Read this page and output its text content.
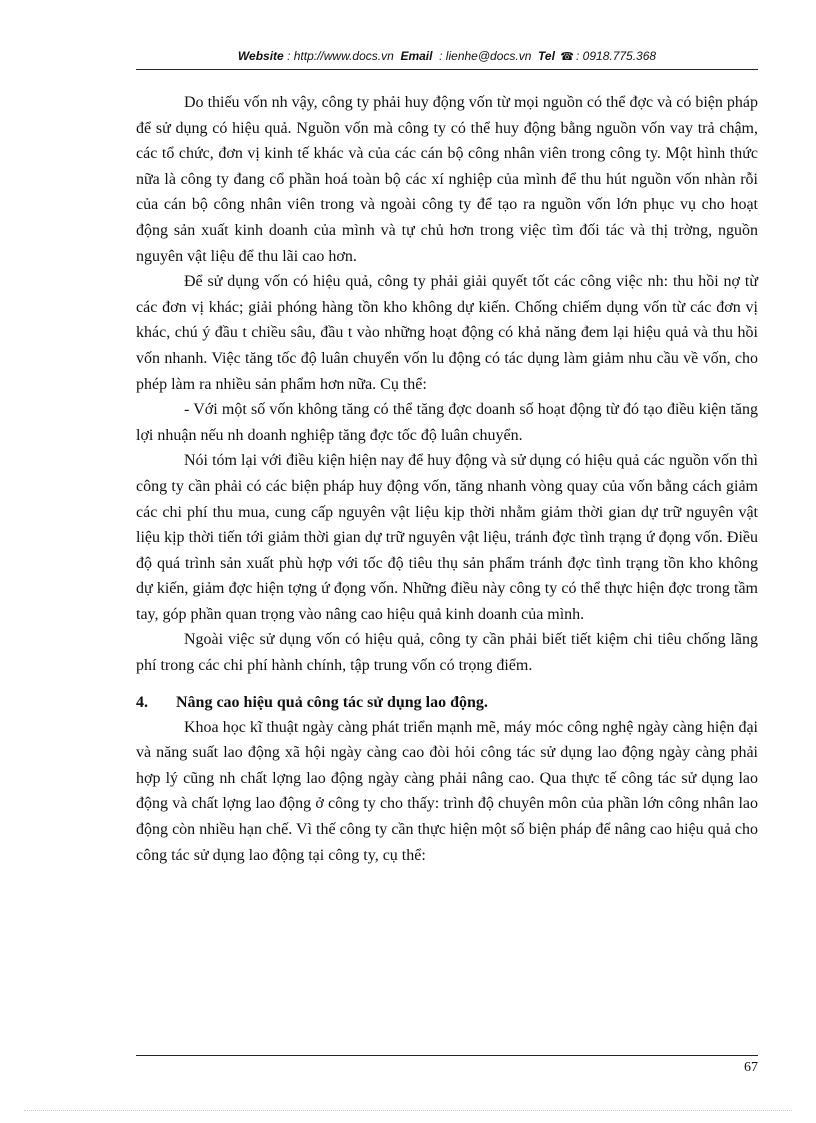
Website : http://www.docs.vn Email : lienhe@docs.vn Tel ☎ : 0918.775.368

Do thiếu vốn nh vậy, công ty phải huy động vốn từ mọi nguồn có thể đợc và có biện pháp để sử dụng có hiệu quả. Nguồn vốn mà công ty có thể huy động bằng nguồn vốn vay trả chậm, các tổ chức, đơn vị kinh tế khác và của các cán bộ công nhân viên trong công ty. Một hình thức nữa là công ty đang cổ phần hoá toàn bộ các xí nghiệp của mình để thu hút nguồn vốn nhàn rỗi của cán bộ công nhân viên trong và ngoài công ty để tạo ra nguồn vốn lớn phục vụ cho hoạt động sản xuất kinh doanh của mình và tự chủ hơn trong việc tìm đối tác và thị trờng, nguồn nguyên vật liệu để thu lãi cao hơn.

Để sử dụng vốn có hiệu quả, công ty phải giải quyết tốt các công việc nh: thu hồi nợ từ các đơn vị khác; giải phóng hàng tồn kho không dự kiến. Chống chiếm dụng vốn từ các đơn vị khác, chú ý đầu t chiều sâu, đầu t vào những hoạt động có khả năng đem lại hiệu quả và thu hồi vốn nhanh. Việc tăng tốc độ luân chuyển vốn lu động có tác dụng làm giảm nhu cầu về vốn, cho phép làm ra nhiều sản phẩm hơn nữa. Cụ thể:

- Với một số vốn không tăng có thể tăng đợc doanh số hoạt động từ đó tạo điều kiện tăng lợi nhuận nếu nh doanh nghiệp tăng đợc tốc độ luân chuyển.

Nói tóm lại với điều kiện hiện nay để huy động và sử dụng có hiệu quả các nguồn vốn thì công ty cần phải có các biện pháp huy động vốn, tăng nhanh vòng quay của vốn bằng cách giảm các chi phí thu mua, cung cấp nguyên vật liệu kịp thời nhằm giảm thời gian dự trữ nguyên vật liệu kịp thời tiến tới giảm thời gian dự trữ nguyên vật liệu, tránh đợc tình trạng ứ đọng vốn. Điều độ quá trình sản xuất phù hợp với tốc độ tiêu thụ sản phẩm tránh đợc tình trạng tồn kho không dự kiến, giảm đợc hiện tợng ứ đọng vốn. Những điều này công ty có thể thực hiện đợc trong tầm tay, góp phần quan trọng vào nâng cao hiệu quả kinh doanh của mình.

Ngoài việc sử dụng vốn có hiệu quả, công ty cần phải biết tiết kiệm chi tiêu chống lãng phí trong các chi phí hành chính, tập trung vốn có trọng điểm.

4. Nâng cao hiệu quả công tác sử dụng lao động.

Khoa học kĩ thuật ngày càng phát triển mạnh mẽ, máy móc công nghệ ngày càng hiện đại và năng suất lao động xã hội ngày càng cao đòi hỏi công tác sử dụng lao động ngày càng phải hợp lý cũng nh chất lợng lao động ngày càng phải nâng cao. Qua thực tế công tác sử dụng lao động và chất lợng lao động ở công ty cho thấy: trình độ chuyên môn của phần lớn công nhân lao động còn nhiều hạn chế. Vì thế công ty cần thực hiện một số biện pháp để nâng cao hiệu quả cho công tác sử dụng lao động tại công ty, cụ thể:

67
